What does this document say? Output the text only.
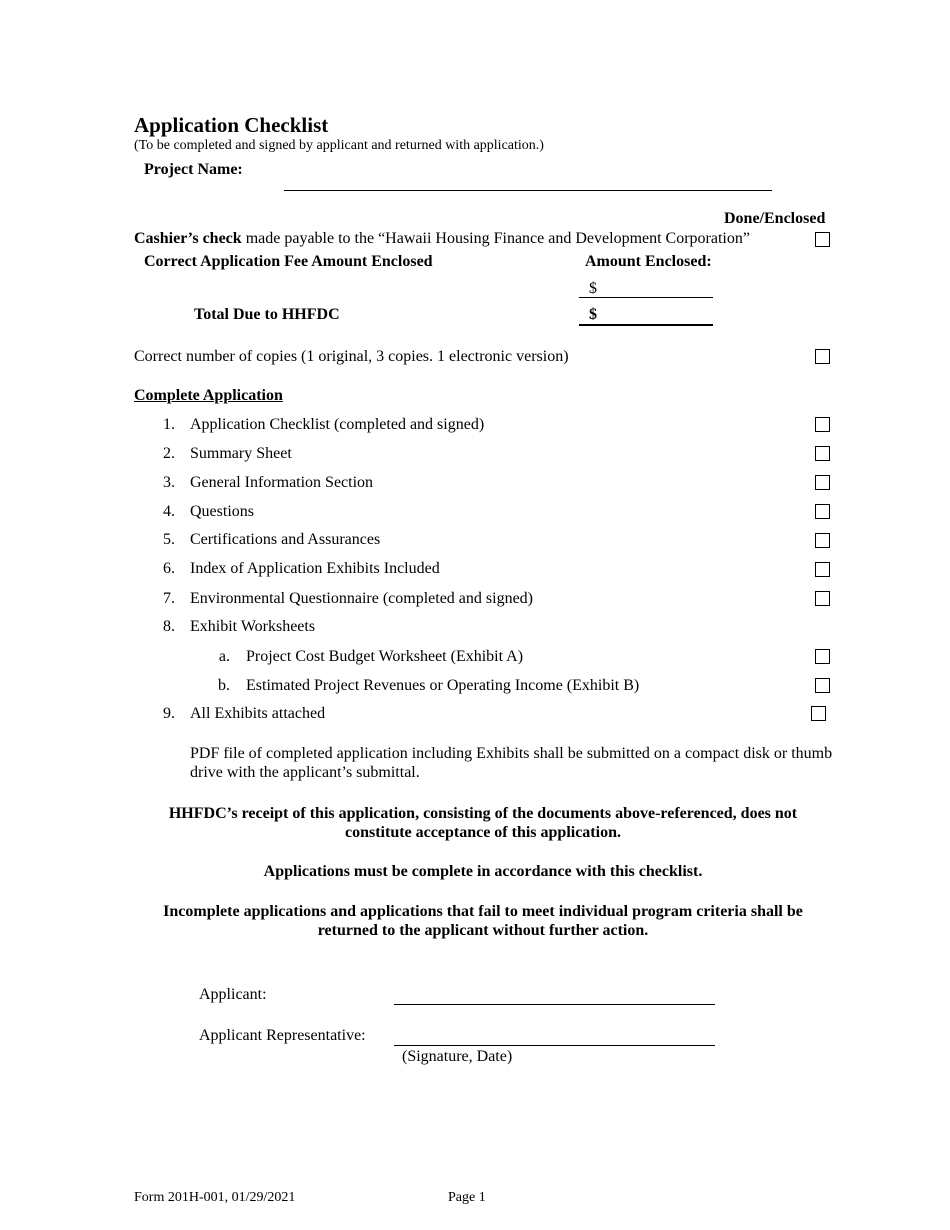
Application Checklist
(To be completed and signed by applicant and returned with application.)
Project Name:
Done/Enclosed
Cashier’s check made payable to the “Hawaii Housing Finance and Development Corporation”
Correct Application Fee Amount Enclosed	Amount Enclosed:
$
Total Due to HHFDC	$
Correct number of copies (1 original, 3 copies. 1 electronic version)
Complete Application
1. Application Checklist (completed and signed)
2. Summary Sheet
3. General Information Section
4. Questions
5. Certifications and Assurances
6. Index of Application Exhibits Included
7. Environmental Questionnaire (completed and signed)
8. Exhibit Worksheets
a. Project Cost Budget Worksheet (Exhibit A)
b. Estimated Project Revenues or Operating Income (Exhibit B)
9. All Exhibits attached
PDF file of completed application including Exhibits shall be submitted on a compact disk or thumb drive with the applicant’s submittal.
HHFDC’s receipt of this application, consisting of the documents above-referenced, does not constitute acceptance of this application.
Applications must be complete in accordance with this checklist.
Incomplete applications and applications that fail to meet individual program criteria shall be returned to the applicant without further action.
Applicant:
Applicant Representative:
(Signature, Date)
Form 201H-001, 01/29/2021	Page 1
